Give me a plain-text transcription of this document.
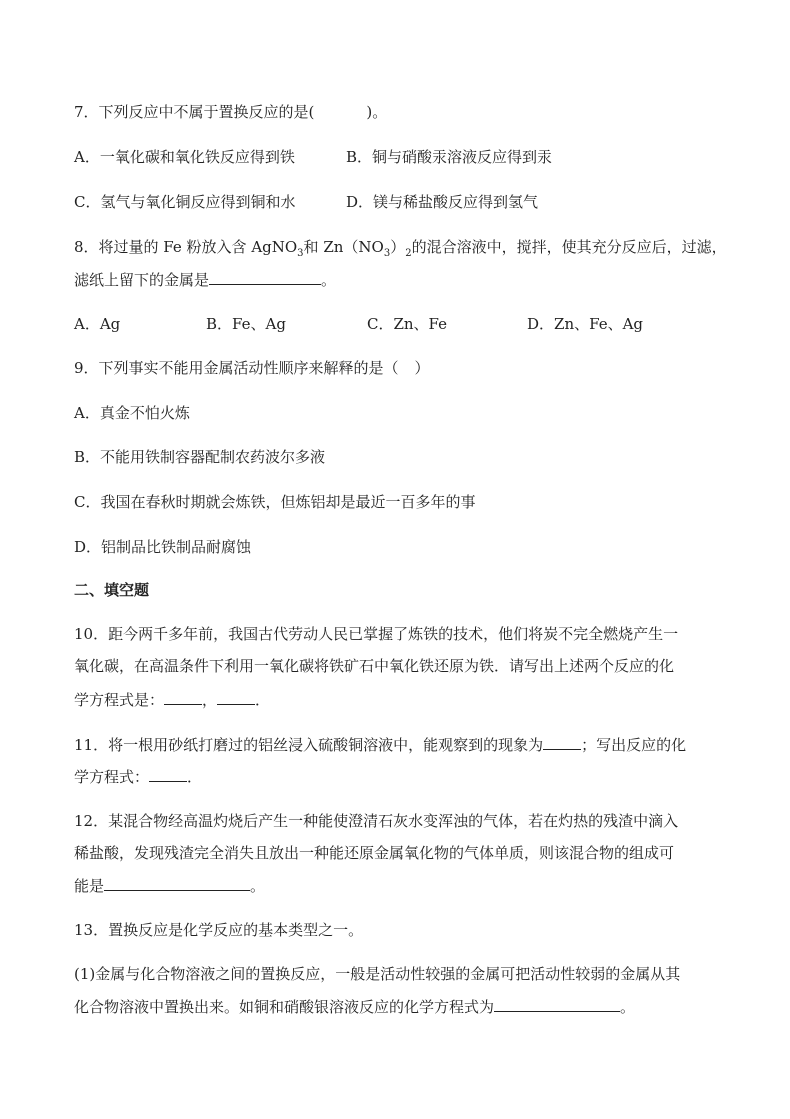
7．下列反应中不属于置换反应的是(	)。
A．一氧化碳和氧化铁反应得到铁	B．铜与硝酸汞溶液反应得到汞
C．氢气与氧化铜反应得到铜和水	D．镁与稀盐酸反应得到氢气
8．将过量的 Fe 粉放入含 AgNO$_3$和 $Zn(NO_3)_2$的混合溶液中，搅拌，使其充分反应后，过滤，
滤纸上留下的金属是	。
A．Ag	B．Fe、Ag	C．Zn、Fe	D．Zn、Fe、Ag
9．下列事实不能用金属活动性顺序来解释的是（ ）
A．真金不怕火炼
B．不能用铁制容器配制农药波尔多液
C．我国在春秋时期就会炼铁，但炼铝却是最近一百多年的事
D．铝制品比铁制品耐腐蚀
二、填空题
10．距今两千多年前，我国古代劳动人民已掌握了炼铁的技术，他们将炭不完全燃烧产生一
氧化碳，在高温条件下利用一氧化碳将铁矿石中氧化铁还原为铁．请写出上述两个反应的化
学方程式是：	，	．
11．将一根用砂纸打磨过的铝丝浸入硫酸铜溶液中，能观察到的现象为	；写出反应的化
学方程式：	．
12．某混合物经高温灼烧后产生一种能使澄清石灰水变浑浊的气体，若在灼热的残渣中滴入
稀盐酸，发现残渣完全消失且放出一种能还原金属氧化物的气体单质，则该混合物的组成可
能是	。
13．置换反应是化学反应的基本类型之一。
(1)金属与化合物溶液之间的置换反应，一般是活动性较强的金属可把活动性较弱的金属从其
化合物溶液中置换出来。如铜和硝酸银溶液反应的化学方程式为	。
